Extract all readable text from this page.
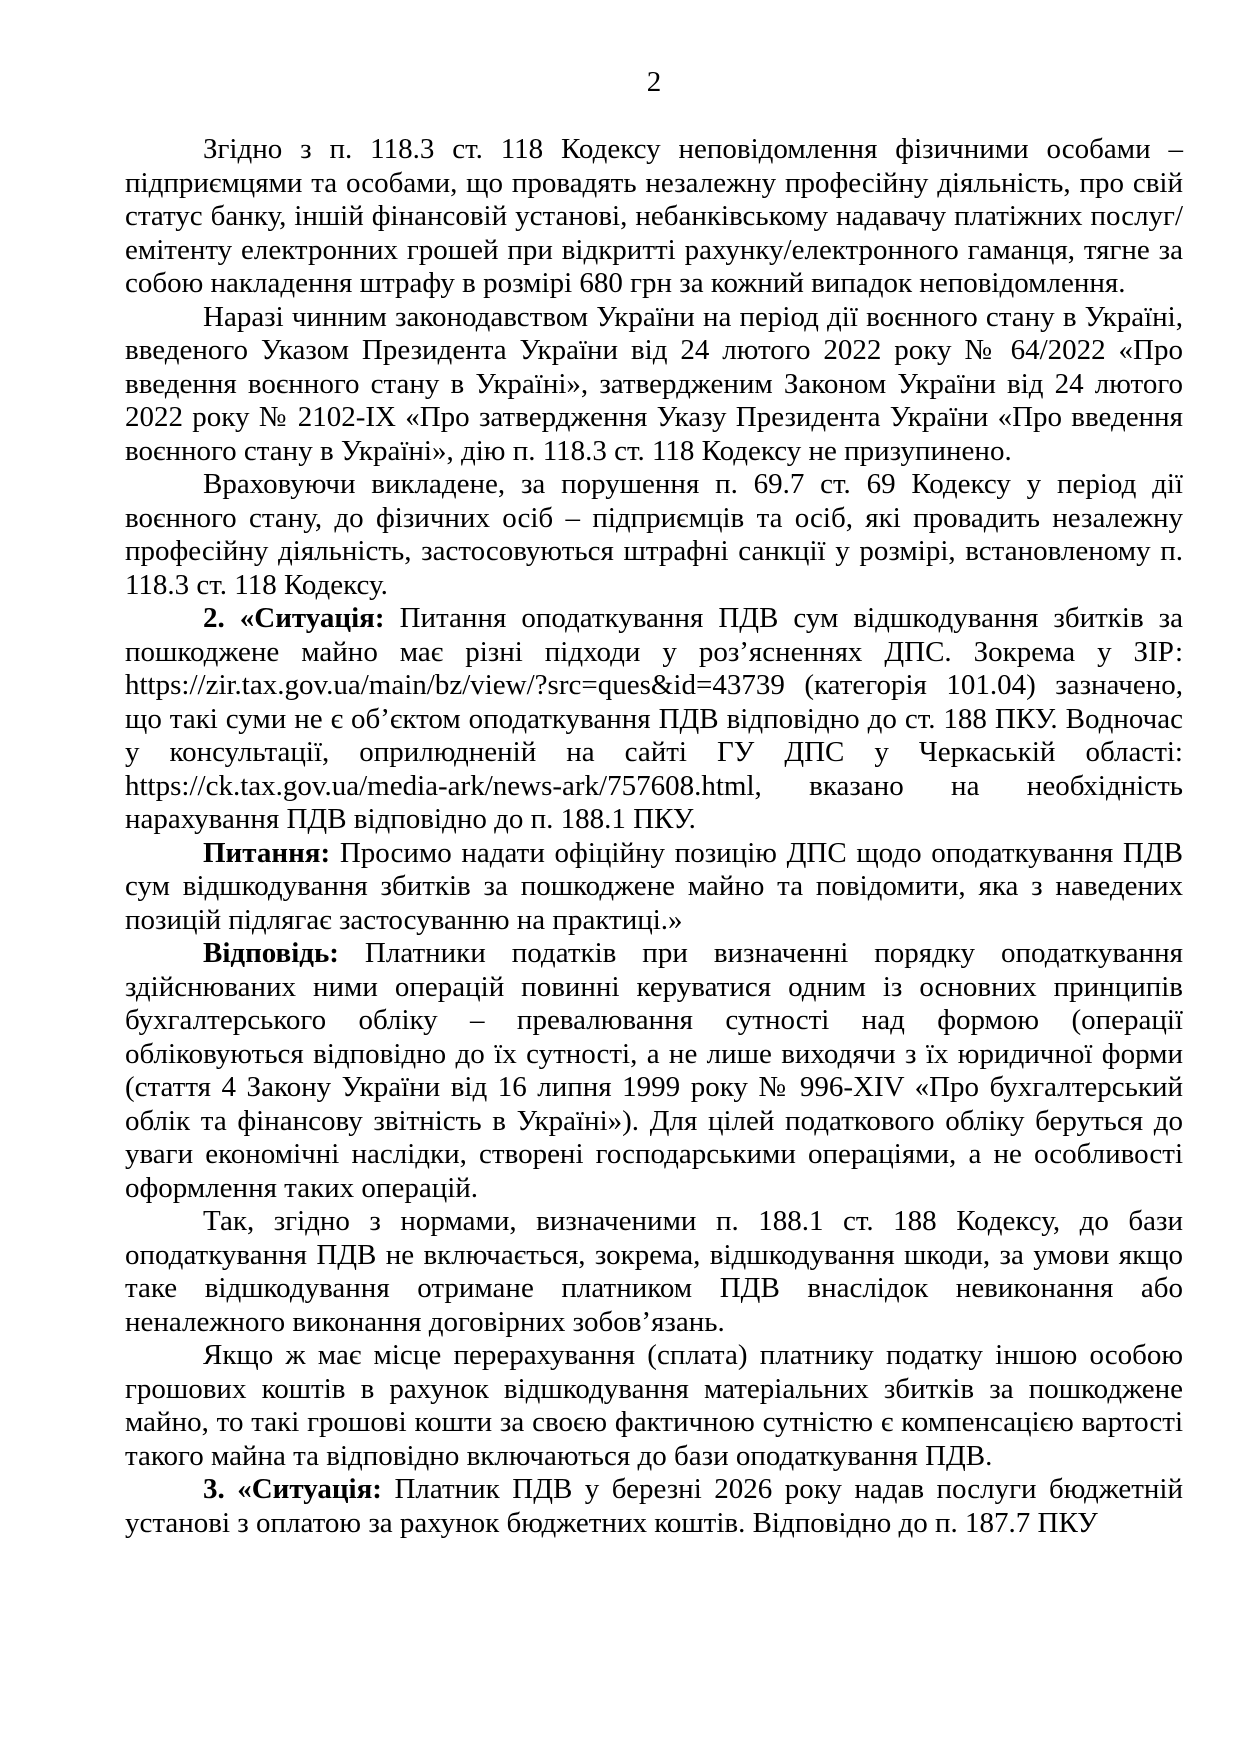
2

Згідно з п. 118.3 ст. 118 Кодексу неповідомлення фізичними особами – підприємцями та особами, що провадять незалежну професійну діяльність, про свій статус банку, іншій фінансовій установі, небанківському надавачу платіжних послуг/емітенту електронних грошей при відкритті рахунку/електронного гаманця, тягне за собою накладення штрафу в розмірі 680 грн за кожний випадок неповідомлення.

Наразі чинним законодавством України на період дії воєнного стану в Україні, введеного Указом Президента України від 24 лютого 2022 року № 64/2022 «Про введення воєнного стану в Україні», затвердженим Законом України від 24 лютого 2022 року № 2102-IX «Про затвердження Указу Президента України «Про введення воєнного стану в Україні», дію п. 118.3 ст. 118 Кодексу не призупинено.

Враховуючи викладене, за порушення п. 69.7 ст. 69 Кодексу у період дії воєнного стану, до фізичних осіб – підприємців та осіб, які провадить незалежну професійну діяльність, застосовуються штрафні санкції у розмірі, встановленому п. 118.3 ст. 118 Кодексу.

2. «Ситуація: Питання оподаткування ПДВ сум відшкодування збитків за пошкоджене майно має різні підходи у роз’ясненнях ДПС. Зокрема у ЗІР: https://zir.tax.gov.ua/main/bz/view/?src=ques&id=43739 (категорія 101.04) зазначено, що такі суми не є об’єктом оподаткування ПДВ відповідно до ст. 188 ПКУ. Водночас у консультації, оприлюдненій на сайті ГУ ДПС у Черкаській області: https://ck.tax.gov.ua/media-ark/news-ark/757608.html, вказано на необхідність нарахування ПДВ відповідно до п. 188.1 ПКУ.

Питання: Просимо надати офіційну позицію ДПС щодо оподаткування ПДВ сум відшкодування збитків за пошкоджене майно та повідомити, яка з наведених позицій підлягає застосуванню на практиці.»

Відповідь: Платники податків при визначенні порядку оподаткування здійснюваних ними операцій повинні керуватися одним із основних принципів бухгалтерського обліку – превалювання сутності над формою (операції обліковуються відповідно до їх сутності, а не лише виходячи з їх юридичної форми (стаття 4 Закону України від 16 липня 1999 року № 996-XIV «Про бухгалтерський облік та фінансову звітність в Україні»). Для цілей податкового обліку беруться до уваги економічні наслідки, створені господарськими операціями, а не особливості оформлення таких операцій.

Так, згідно з нормами, визначеними п. 188.1 ст. 188 Кодексу, до бази оподаткування ПДВ не включається, зокрема, відшкодування шкоди, за умови якщо таке відшкодування отримане платником ПДВ внаслідок невиконання або неналежного виконання договірних зобов’язань.

Якщо ж має місце перерахування (сплата) платнику податку іншою особою грошових коштів в рахунок відшкодування матеріальних збитків за пошкоджене майно, то такі грошові кошти за своєю фактичною сутністю є компенсацією вартості такого майна та відповідно включаються до бази оподаткування ПДВ.

3. «Ситуація: Платник ПДВ у березні 2026 року надав послуги бюджетній установі з оплатою за рахунок бюджетних коштів. Відповідно до п. 187.7 ПКУ
